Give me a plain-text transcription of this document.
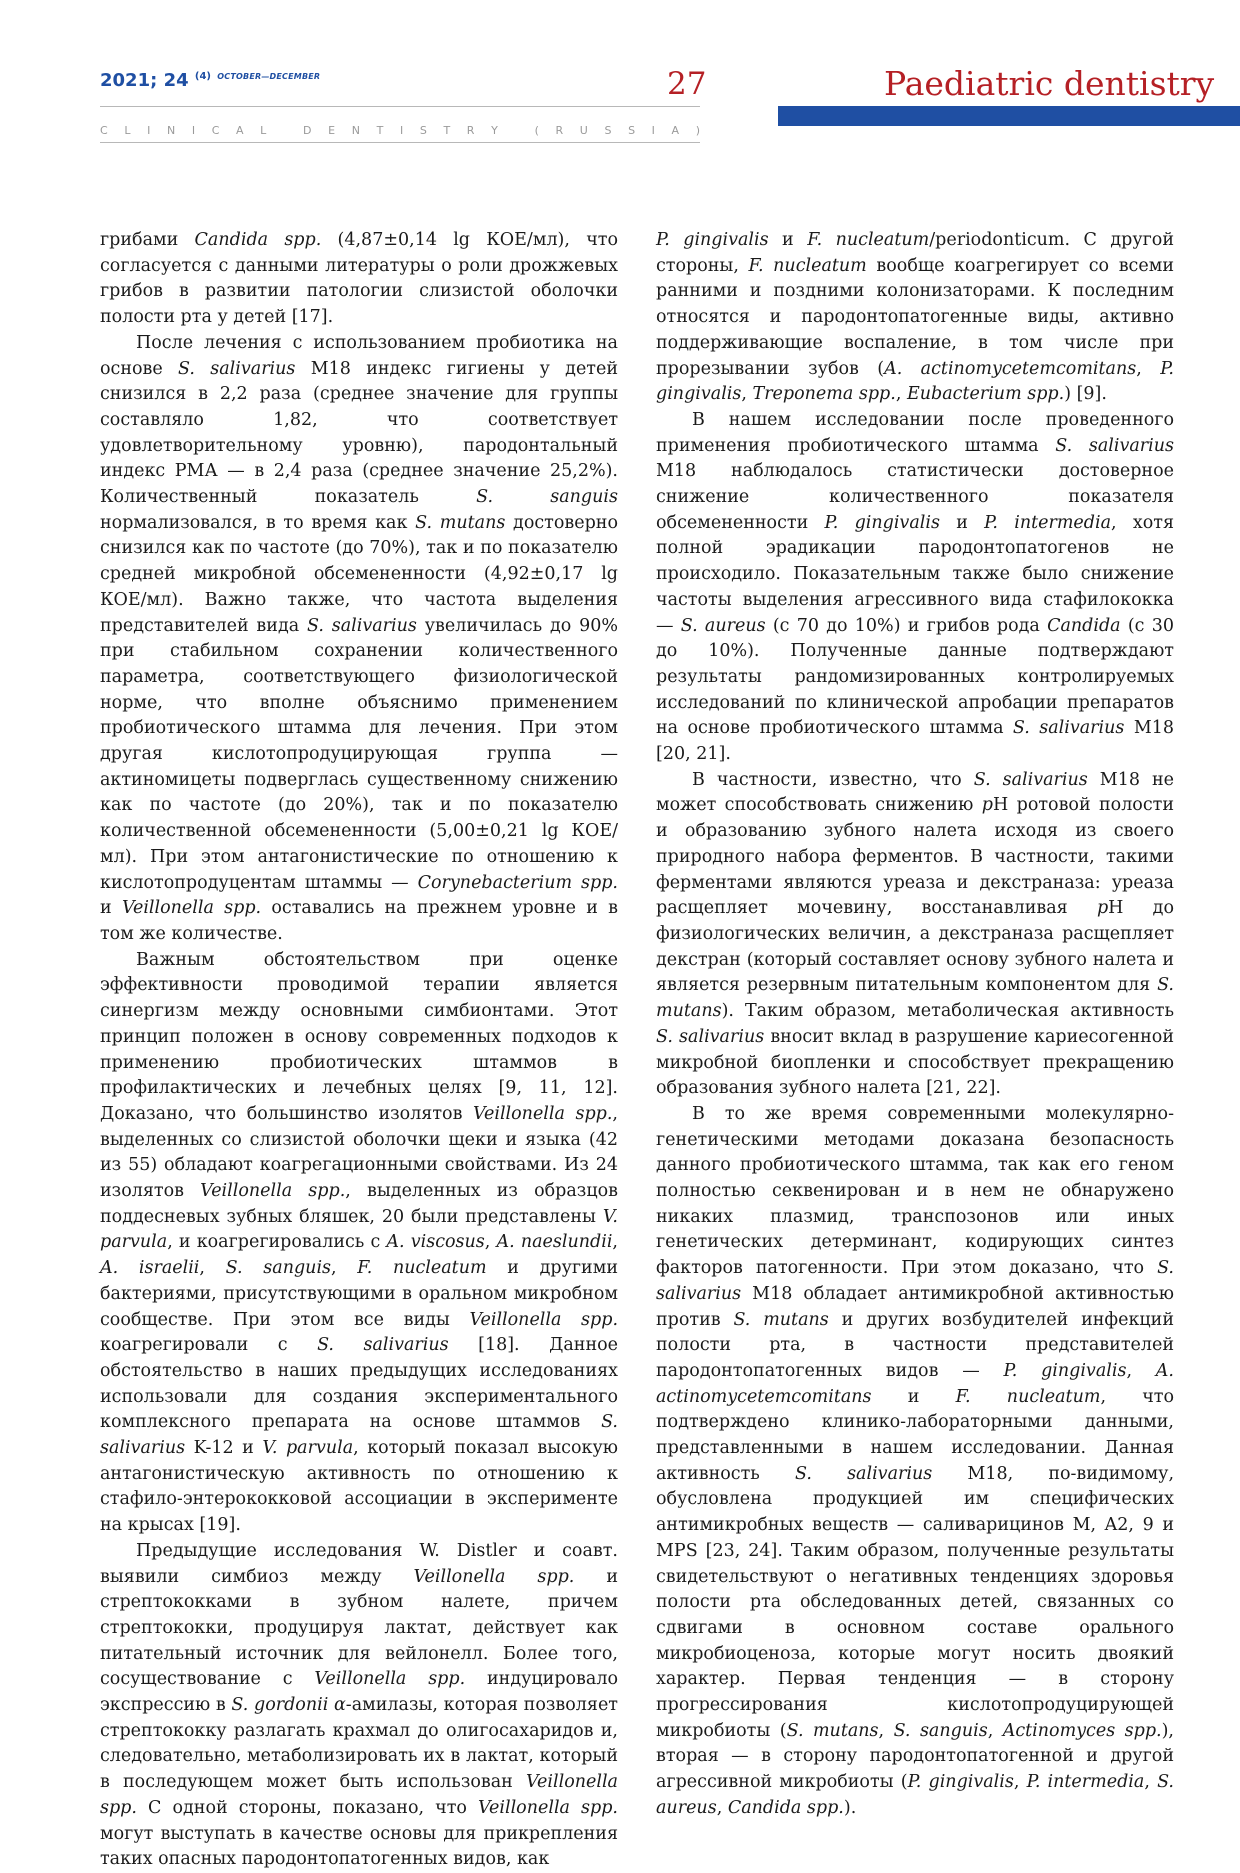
2021; 24 $^{(4)}$ $^{OCTOBER—DECEMBER}$	27	Paediatric dentistry
C L I N I C A L
	D E N T I S T R Y
	( R U S S I A )

грибами Candida spp. (4,87±0,14 lg КОЕ/мл), что согласуется с данными литературы о роли дрожжевых грибов в развитии патологии слизистой оболочки полости рта у детей [17].

После лечения с использованием пробиотика на основе S. salivarius M18 индекс гигиены у детей снизился в 2,2 раза (среднее значение для группы составляло 1,82, что соответствует удовлетворительному уровню), пародонтальный индекс РМА — в 2,4 раза (среднее значение 25,2%). Количественный показатель S. sanguis нормализовался, в то время как S. mutans достоверно снизился как по частоте (до 70%), так и по показателю средней микробной обсемененности (4,92±0,17 lg КОЕ/мл). Важно также, что частота выделения представителей вида S. salivarius увеличилась до 90% при стабильном сохранении количественного параметра, соответствующего физиологической норме, что вполне объяснимо применением пробиотического штамма для лечения. При этом другая кислотопродуцирующая группа — актиномицеты подверглась существенному снижению как по частоте (до 20%), так и по показателю количественной обсемененности (5,00±0,21 lg КОЕ/мл). При этом антагонистические по отношению к кислотопродуцентам штаммы — Corynebacterium spp. и Veillonella spp. оставались на прежнем уровне и в том же количестве.

Важным обстоятельством при оценке эффективности проводимой терапии является синергизм между основными симбионтами. Этот принцип положен в основу современных подходов к применению пробиотических штаммов в профилактических и лечебных целях [9, 11, 12]. Доказано, что большинство изолятов Veillonella spp., выделенных со слизистой оболочки щеки и языка (42 из 55) обладают коагрегационными свойствами. Из 24 изолятов Veillonella spp., выделенных из образцов поддесневых зубных бляшек, 20 были представлены V. parvula, и коагрегировались с A. viscosus, A. naeslundii, A. israelii, S. sanguis, F. nucleatum и другими бактериями, присутствующими в оральном микробном сообществе. При этом все виды Veillonella spp. коагрегировали с S. salivarius [18]. Данное обстоятельство в наших предыдущих исследованиях использовали для создания экспериментального комплексного препарата на основе штаммов S. salivarius K-12 и V. parvula, который показал высокую антагонистическую активность по отношению к стафило-энтерококковой ассоциации в эксперименте на крысах [19].

Предыдущие исследования W. Distler и соавт. выявили симбиоз между Veillonella spp. и стрептококками в зубном налете, причем стрептококки, продуцируя лактат, действует как питательный источник для вейлонелл. Более того, сосуществование с Veillonella spp. индуцировало экспрессию в S. gordonii α-амилазы, которая позволяет стрептококку разлагать крахмал до олигосахаридов и, следовательно, метаболизировать их в лактат, который в последующем может быть использован Veillonella spp. С одной стороны, показано, что Veillonella spp. могут выступать в качестве основы для прикрепления таких опасных пародонтопатогенных видов, как

P. gingivalis и F. nucleatum/periodonticum. С другой стороны, F. nucleatum вообще коагрегирует со всеми ранними и поздними колонизаторами. К последним относятся и пародонтопатогенные виды, активно поддерживающие воспаление, в том числе при прорезывании зубов (A. actinomycetemcomitans, P. gingivalis, Treponema spp., Eubacterium spp.) [9].

В нашем исследовании после проведенного применения пробиотического штамма S. salivarius M18 наблюдалось статистически достоверное снижение количественного показателя обсемененности P. gingivalis и P. intermedia, хотя полной эрадикации пародонтопатогенов не происходило. Показательным также было снижение частоты выделения агрессивного вида стафилококка — S. aureus (с 70 до 10%) и грибов рода Candida (с 30 до 10%). Полученные данные подтверждают результаты рандомизированных контролируемых исследований по клинической апробации препаратов на основе пробиотического штамма S. salivarius M18 [20, 21].

В частности, известно, что S. salivarius M18 не может способствовать снижению pH ротовой полости и образованию зубного налета исходя из своего природного набора ферментов. В частности, такими ферментами являются уреаза и декстраназа: уреаза расщепляет мочевину, восстанавливая pH до физиологических величин, а декстраназа расщепляет декстран (который составляет основу зубного налета и является резервным питательным компонентом для S. mutans). Таким образом, метаболическая активность S. salivarius вносит вклад в разрушение кариесогенной микробной биопленки и способствует прекращению образования зубного налета [21, 22].

В то же время современными молекулярно-генетическими методами доказана безопасность данного пробиотического штамма, так как его геном полностью секвенирован и в нем не обнаружено никаких плазмид, транспозонов или иных генетических детерминант, кодирующих синтез факторов патогенности. При этом доказано, что S. salivarius M18 обладает антимикробной активностью против S. mutans и других возбудителей инфекций полости рта, в частности представителей пародонтопатогенных видов — P. gingivalis, A. actinomycetemcomitans и F. nucleatum, что подтверждено клинико-лабораторными данными, представленными в нашем исследовании. Данная активность S. salivarius M18, по-видимому, обусловлена продукцией им специфических антимикробных веществ — саливарицинов M, A2, 9 и MPS [23, 24]. Таким образом, полученные результаты свидетельствуют о негативных тенденциях здоровья полости рта обследованных детей, связанных со сдвигами в основном составе орального микробиоценоза, которые могут носить двоякий характер. Первая тенденция — в сторону прогрессирования кислотопродуцирующей микробиоты (S. mutans, S. sanguis, Actinomyces spp.), вторая — в сторону пародонтопатогенной и другой агрессивной микробиоты (P. gingivalis, P. intermedia, S. aureus, Candida spp.).
